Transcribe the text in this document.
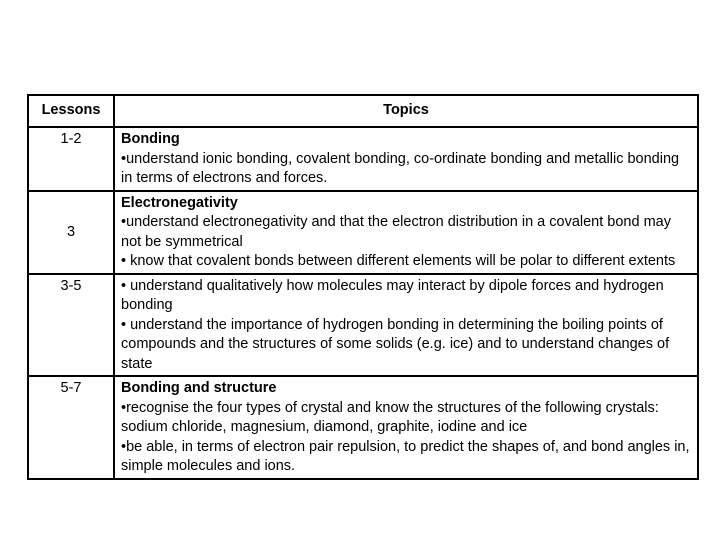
Lessons	Topics
1-2	Bonding
•understand ionic bonding, covalent bonding, co-ordinate bonding and metallic bonding in terms of electrons and forces.

3	Electronegativity
•understand electronegativity and that the electron distribution in a covalent bond may not be symmetrical
• know that covalent bonds between different elements will be polar to different extents

3-5	• understand qualitatively how molecules may interact by dipole forces and hydrogen bonding
• understand the importance of hydrogen bonding in determining the boiling points of compounds and the structures of some solids (e.g. ice) and to understand changes of state

5-7	Bonding and structure
•recognise the four types of crystal and know the structures of the following crystals: sodium chloride, magnesium, diamond, graphite, iodine and ice
•be able, in terms of electron pair repulsion, to predict the shapes of, and bond angles in, simple molecules and ions.
